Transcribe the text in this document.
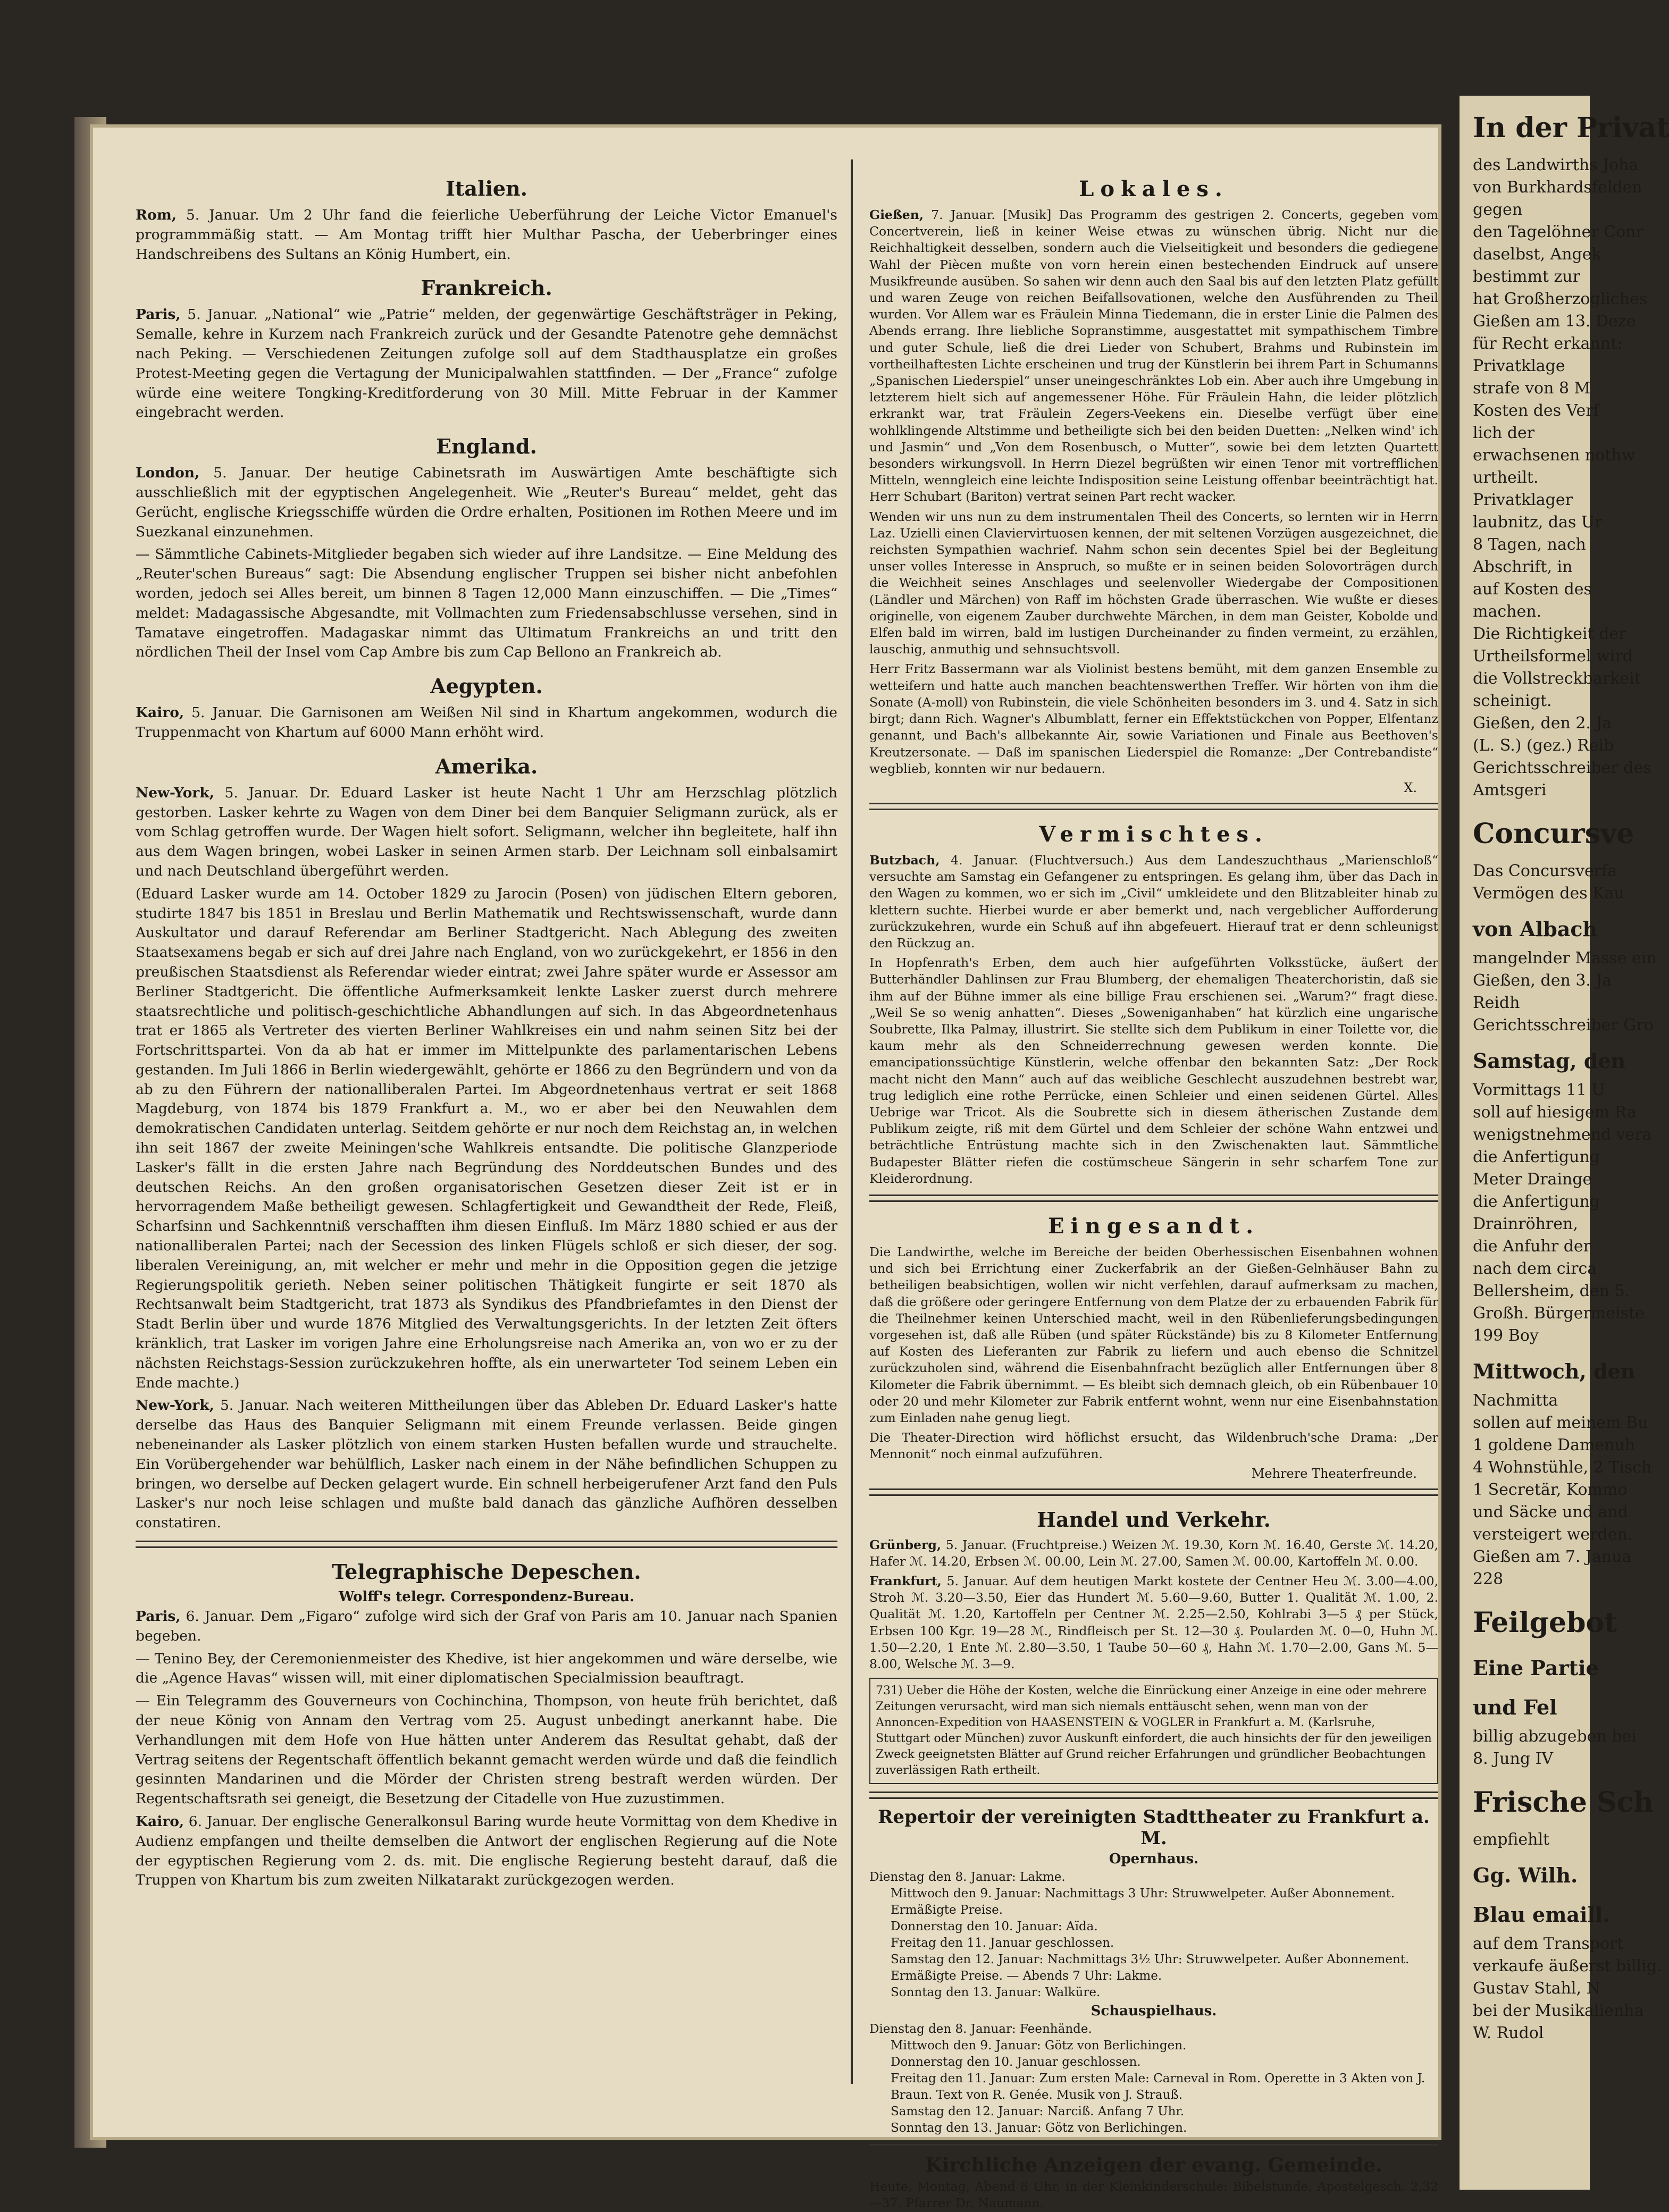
Italien.

Rom, 5. Januar. Um 2 Uhr fand die feierliche Ueberführung der Leiche Victor Emanuel's programmmäßig statt. — Am Montag trifft hier Multhar Pascha, der Ueberbringer eines Handschreibens des Sultans an König Humbert, ein.

Frankreich.

Paris, 5. Januar. „National“ wie „Patrie“ melden, der gegenwärtige Geschäftsträger in Peking, Semalle, kehre in Kurzem nach Frankreich zurück und der Gesandte Patenotre gehe demnächst nach Peking. — Verschiedenen Zeitungen zufolge soll auf dem Stadthausplatze ein großes Protest-Meeting gegen die Vertagung der Municipalwahlen stattfinden. — Der „France“ zufolge würde eine weitere Tongking-Kreditforderung von 30 Mill. Mitte Februar in der Kammer eingebracht werden.

England.

London, 5. Januar. Der heutige Cabinetsrath im Auswärtigen Amte beschäftigte sich ausschließlich mit der egyptischen Angelegenheit. Wie „Reuter's Bureau“ meldet, geht das Gerücht, englische Kriegsschiffe würden die Ordre erhalten, Positionen im Rothen Meere und im Suezkanal einzunehmen.

— Sämmtliche Cabinets-Mitglieder begaben sich wieder auf ihre Landsitze. — Eine Meldung des „Reuter'schen Bureaus“ sagt: Die Absendung englischer Truppen sei bisher nicht anbefohlen worden, jedoch sei Alles bereit, um binnen 8 Tagen 12,000 Mann einzuschiffen. — Die „Times“ meldet: Madagassische Abgesandte, mit Vollmachten zum Friedensabschlusse versehen, sind in Tamatave eingetroffen. Madagaskar nimmt das Ultimatum Frankreichs an und tritt den nördlichen Theil der Insel vom Cap Ambre bis zum Cap Bellono an Frankreich ab.

Aegypten.

Kairo, 5. Januar. Die Garnisonen am Weißen Nil sind in Khartum angekommen, wodurch die Truppenmacht von Khartum auf 6000 Mann erhöht wird.

Amerika.

New-York, 5. Januar. Dr. Eduard Lasker ist heute Nacht 1 Uhr am Herzschlag plötzlich gestorben. Lasker kehrte zu Wagen von dem Diner bei dem Banquier Seligmann zurück, als er vom Schlag getroffen wurde. Der Wagen hielt sofort. Seligmann, welcher ihn begleitete, half ihn aus dem Wagen bringen, wobei Lasker in seinen Armen starb. Der Leichnam soll einbalsamirt und nach Deutschland übergeführt werden.

(Eduard Lasker wurde am 14. October 1829 zu Jarocin (Posen) von jüdischen Eltern geboren, studirte 1847 bis 1851 in Breslau und Berlin Mathematik und Rechtswissenschaft, wurde dann Auskultator und darauf Referendar am Berliner Stadtgericht. Nach Ablegung des zweiten Staatsexamens begab er sich auf drei Jahre nach England, von wo zurückgekehrt, er 1856 in den preußischen Staatsdienst als Referendar wieder eintrat; zwei Jahre später wurde er Assessor am Berliner Stadtgericht. Die öffentliche Aufmerksamkeit lenkte Lasker zuerst durch mehrere staatsrechtliche und politisch-geschichtliche Abhandlungen auf sich. In das Abgeordnetenhaus trat er 1865 als Vertreter des vierten Berliner Wahlkreises ein und nahm seinen Sitz bei der Fortschrittspartei. Von da ab hat er immer im Mittelpunkte des parlamentarischen Lebens gestanden. Im Juli 1866 in Berlin wiedergewählt, gehörte er 1866 zu den Begründern und von da ab zu den Führern der nationalliberalen Partei. Im Abgeordnetenhaus vertrat er seit 1868 Magdeburg, von 1874 bis 1879 Frankfurt a. M., wo er aber bei den Neuwahlen dem demokratischen Candidaten unterlag. Seitdem gehörte er nur noch dem Reichstag an, in welchen ihn seit 1867 der zweite Meiningen'sche Wahlkreis entsandte. Die politische Glanzperiode Lasker's fällt in die ersten Jahre nach Begründung des Norddeutschen Bundes und des deutschen Reichs. An den großen organisatorischen Gesetzen dieser Zeit ist er in hervorragendem Maße betheiligt gewesen. Schlagfertigkeit und Gewandtheit der Rede, Fleiß, Scharfsinn und Sachkenntniß verschafften ihm diesen Einfluß. Im März 1880 schied er aus der nationalliberalen Partei; nach der Secession des linken Flügels schloß er sich dieser, der sog. liberalen Vereinigung, an, mit welcher er mehr und mehr in die Opposition gegen die jetzige Regierungspolitik gerieth. Neben seiner politischen Thätigkeit fungirte er seit 1870 als Rechtsanwalt beim Stadtgericht, trat 1873 als Syndikus des Pfandbriefamtes in den Dienst der Stadt Berlin über und wurde 1876 Mitglied des Verwaltungsgerichts. In der letzten Zeit öfters kränklich, trat Lasker im vorigen Jahre eine Erholungsreise nach Amerika an, von wo er zu der nächsten Reichstags-Session zurückzukehren hoffte, als ein unerwarteter Tod seinem Leben ein Ende machte.)

New-York, 5. Januar. Nach weiteren Mittheilungen über das Ableben Dr. Eduard Lasker's hatte derselbe das Haus des Banquier Seligmann mit einem Freunde verlassen. Beide gingen nebeneinander als Lasker plötzlich von einem starken Husten befallen wurde und strauchelte. Ein Vorübergehender war behülflich, Lasker nach einem in der Nähe befindlichen Schuppen zu bringen, wo derselbe auf Decken gelagert wurde. Ein schnell herbeigerufener Arzt fand den Puls Lasker's nur noch leise schlagen und mußte bald danach das gänzliche Aufhören desselben constatiren.

Telegraphische Depeschen.
Wolff's telegr. Correspondenz-Bureau.

Paris, 6. Januar. Dem „Figaro“ zufolge wird sich der Graf von Paris am 10. Januar nach Spanien begeben.

— Tenino Bey, der Ceremonienmeister des Khedive, ist hier angekommen und wäre derselbe, wie die „Agence Havas“ wissen will, mit einer diplomatischen Specialmission beauftragt.

— Ein Telegramm des Gouverneurs von Cochinchina, Thompson, von heute früh berichtet, daß der neue König von Annam den Vertrag vom 25. August unbedingt anerkannt habe. Die Verhandlungen mit dem Hofe von Hue hätten unter Anderem das Resultat gehabt, daß der Vertrag seitens der Regentschaft öffentlich bekannt gemacht werden würde und daß die feindlich gesinnten Mandarinen und die Mörder der Christen streng bestraft werden würden. Der Regentschaftsrath sei geneigt, die Besetzung der Citadelle von Hue zuzustimmen.

Kairo, 6. Januar. Der englische Generalkonsul Baring wurde heute Vormittag von dem Khedive in Audienz empfangen und theilte demselben die Antwort der englischen Regierung auf die Note der egyptischen Regierung vom 2. ds. mit. Die englische Regierung besteht darauf, daß die Truppen von Khartum bis zum zweiten Nilkatarakt zurückgezogen werden.

Lokales.

Gießen, 7. Januar. [Musik] Das Programm des gestrigen 2. Concerts, gegeben vom Concertverein, ließ in keiner Weise etwas zu wünschen übrig. Nicht nur die Reichhaltigkeit desselben, sondern auch die Vielseitigkeit und besonders die gediegene Wahl der Piècen mußte von vorn herein einen bestechenden Eindruck auf unsere Musikfreunde ausüben. So sahen wir denn auch den Saal bis auf den letzten Platz gefüllt und waren Zeuge von reichen Beifallsovationen, welche den Ausführenden zu Theil wurden. Vor Allem war es Fräulein Minna Tiedemann, die in erster Linie die Palmen des Abends errang. Ihre liebliche Sopranstimme, ausgestattet mit sympathischem Timbre und guter Schule, ließ die drei Lieder von Schubert, Brahms und Rubinstein im vortheilhaftesten Lichte erscheinen und trug der Künstlerin bei ihrem Part in Schumanns „Spanischen Liederspiel“ unser uneingeschränktes Lob ein. Aber auch ihre Umgebung in letzterem hielt sich auf angemessener Höhe. Für Fräulein Hahn, die leider plötzlich erkrankt war, trat Fräulein Zegers-Veekens ein. Dieselbe verfügt über eine wohlklingende Altstimme und betheiligte sich bei den beiden Duetten: „Nelken wind' ich und Jasmin“ und „Von dem Rosenbusch, o Mutter“, sowie bei dem letzten Quartett besonders wirkungsvoll. In Herrn Diezel begrüßten wir einen Tenor mit vortrefflichen Mitteln, wenngleich eine leichte Indisposition seine Leistung offenbar beeinträchtigt hat. Herr Schubart (Bariton) vertrat seinen Part recht wacker.

Wenden wir uns nun zu dem instrumentalen Theil des Concerts, so lernten wir in Herrn Laz. Uzielli einen Claviervirtuosen kennen, der mit seltenen Vorzügen ausgezeichnet, die reichsten Sympathien wachrief. Nahm schon sein decentes Spiel bei der Begleitung unser volles Interesse in Anspruch, so mußte er in seinen beiden Solovorträgen durch die Weichheit seines Anschlages und seelenvoller Wiedergabe der Compositionen (Ländler und Märchen) von Raff im höchsten Grade überraschen. Wie wußte er dieses originelle, von eigenem Zauber durchwehte Märchen, in dem man Geister, Kobolde und Elfen bald im wirren, bald im lustigen Durcheinander zu finden vermeint, zu erzählen, lauschig, anmuthig und sehnsuchtsvoll.

Herr Fritz Bassermann war als Violinist bestens bemüht, mit dem ganzen Ensemble zu wetteifern und hatte auch manchen beachtenswerthen Treffer. Wir hörten von ihm die Sonate (A-moll) von Rubinstein, die viele Schönheiten besonders im 3. und 4. Satz in sich birgt; dann Rich. Wagner's Albumblatt, ferner ein Effektstückchen von Popper, Elfentanz genannt, und Bach's allbekannte Air, sowie Variationen und Finale aus Beethoven's Kreutzersonate. — Daß im spanischen Liederspiel die Romanze: „Der Contrebandiste“ wegblieb, konnten wir nur bedauern.

X.

Vermischtes.

Butzbach, 4. Januar. (Fluchtversuch.) Aus dem Landeszuchthaus „Marienschloß“ versuchte am Samstag ein Gefangener zu entspringen. Es gelang ihm, über das Dach in den Wagen zu kommen, wo er sich im „Civil“ umkleidete und den Blitzableiter hinab zu klettern suchte. Hierbei wurde er aber bemerkt und, nach vergeblicher Aufforderung zurückzukehren, wurde ein Schuß auf ihn abgefeuert. Hierauf trat er denn schleunigst den Rückzug an.

In Hopfenrath's Erben, dem auch hier aufgeführten Volksstücke, äußert der Butterhändler Dahlinsen zur Frau Blumberg, der ehemaligen Theaterchoristin, daß sie ihm auf der Bühne immer als eine billige Frau erschienen sei. „Warum?“ fragt diese. „Weil Se so wenig anhatten“. Dieses „Soweniganhaben“ hat kürzlich eine ungarische Soubrette, Ilka Palmay, illustrirt. Sie stellte sich dem Publikum in einer Toilette vor, die kaum mehr als den Schneiderrechnung gewesen werden konnte. Die emancipationssüchtige Künstlerin, welche offenbar den bekannten Satz: „Der Rock macht nicht den Mann“ auch auf das weibliche Geschlecht auszudehnen bestrebt war, trug lediglich eine rothe Perrücke, einen Schleier und einen seidenen Gürtel. Alles Uebrige war Tricot. Als die Soubrette sich in diesem ätherischen Zustande dem Publikum zeigte, riß mit dem Gürtel und dem Schleier der schöne Wahn entzwei und beträchtliche Entrüstung machte sich in den Zwischenakten laut. Sämmtliche Budapester Blätter riefen die costümscheue Sängerin in sehr scharfem Tone zur Kleiderordnung.

Eingesandt.

Die Landwirthe, welche im Bereiche der beiden Oberhessischen Eisenbahnen wohnen und sich bei Errichtung einer Zuckerfabrik an der Gießen-Gelnhäuser Bahn zu betheiligen beabsichtigen, wollen wir nicht verfehlen, darauf aufmerksam zu machen, daß die größere oder geringere Entfernung von dem Platze der zu erbauenden Fabrik für die Theilnehmer keinen Unterschied macht, weil in den Rübenlieferungsbedingungen vorgesehen ist, daß alle Rüben (und später Rückstände) bis zu 8 Kilometer Entfernung auf Kosten des Lieferanten zur Fabrik zu liefern und auch ebenso die Schnitzel zurückzuholen sind, während die Eisenbahnfracht bezüglich aller Entfernungen über 8 Kilometer die Fabrik übernimmt. — Es bleibt sich demnach gleich, ob ein Rübenbauer 10 oder 20 und mehr Kilometer zur Fabrik entfernt wohnt, wenn nur eine Eisenbahnstation zum Einladen nahe genug liegt.

Die Theater-Direction wird höflichst ersucht, das Wildenbruch'sche Drama: „Der Mennonit“ noch einmal aufzuführen.

Mehrere Theaterfreunde.

Handel und Verkehr.

Grünberg, 5. Januar. (Fruchtpreise.) Weizen ℳ. 19.30, Korn ℳ. 16.40, Gerste ℳ. 14.20, Hafer ℳ. 14.20, Erbsen ℳ. 00.00, Lein ℳ. 27.00, Samen ℳ. 00.00, Kartoffeln ℳ. 0.00.

Frankfurt, 5. Januar. Auf dem heutigen Markt kostete der Centner Heu ℳ. 3.00—4.00, Stroh ℳ. 3.20—3.50, Eier das Hundert ℳ. 5.60—9.60, Butter 1. Qualität ℳ. 1.00, 2. Qualität ℳ. 1.20, Kartoffeln per Centner ℳ. 2.25—2.50, Kohlrabi 3—5 ₰ per Stück, Erbsen 100 Kgr. 19—28 ℳ., Rindfleisch per St. 12—30 ₰. Poularden ℳ. 0—0, Huhn ℳ. 1.50—2.20, 1 Ente ℳ. 2.80—3.50, 1 Taube 50—60 ₰, Hahn ℳ. 1.70—2.00, Gans ℳ. 5—8.00, Welsche ℳ. 3—9.

731) Ueber die Höhe der Kosten, welche die Einrückung einer Anzeige in eine oder mehrere Zeitungen verursacht, wird man sich niemals enttäuscht sehen, wenn man von der Annoncen-Expedition von HAASENSTEIN & VOGLER in Frankfurt a. M. (Karlsruhe, Stuttgart oder München) zuvor Auskunft einfordert, die auch hinsichts der für den jeweiligen Zweck geeignetsten Blätter auf Grund reicher Erfahrungen und gründlicher Beobachtungen zuverlässigen Rath ertheilt.
Repertoir der vereinigten Stadttheater zu Frankfurt a. M.
Opernhaus.

Dienstag den 8. Januar: Lakme.

Mittwoch den 9. Januar: Nachmittags 3 Uhr: Struwwelpeter. Außer Abonnement. Ermäßigte Preise.

Donnerstag den 10. Januar: Aïda.

Freitag den 11. Januar geschlossen.

Samstag den 12. Januar: Nachmittags 3½ Uhr: Struwwelpeter. Außer Abonnement. Ermäßigte Preise. — Abends 7 Uhr: Lakme.

Sonntag den 13. Januar: Walküre.

Schauspielhaus.

Dienstag den 8. Januar: Feenhände.

Mittwoch den 9. Januar: Götz von Berlichingen.

Donnerstag den 10. Januar geschlossen.

Freitag den 11. Januar: Zum ersten Male: Carneval in Rom. Operette in 3 Akten von J. Braun. Text von R. Genée. Musik von J. Strauß.

Samstag den 12. Januar: Narciß. Anfang 7 Uhr.

Sonntag den 13. Januar: Götz von Berlichingen.

Kirchliche Anzeigen der evang. Gemeinde.

Heute, Montag, Abend 8 Uhr, in der Kleinkinderschule: Bibelstunde, Apostelgesch. 2,32—37. Pfarrer Dr. Naumann.

In der Privat
des Landwirths Joha
von Burkhardsfelden
gegen
den Tagelöhner Conr
daselbst, Angek
bestimmt zur
hat Großherzogliches
Gießen am 13. Deze
für Recht erkannt:
Privatklage
strafe von 8 M
Kosten des Verf
lich der
erwachsenen nothw
urtheilt.
Privatklager
laubnitz, das Ur
8 Tagen, nach
Abschrift, in
auf Kosten des
machen.
Die Richtigkeit der
Urtheilsformel wird
die Vollstreckbarkeit
scheinigt.
Gießen, den 2. Ja
(L. S.) (gez.) Reib
Gerichtsschreiber des
Amtsgeri
Concursve
Das Concursverfa
Vermögen des Kau
von Albach
mangelnder Masse ein
Gießen, den 3. Ja
Reidh
Gerichtsschreiber Gro
Samstag, den
Vormittags 11 U
soll auf hiesigem Ra
wenigstnehmend vera
die Anfertigung
Meter Drainge
die Anfertigung
Drainröhren,
die Anfuhr der
nach dem circa
Bellersheim, den 5.
Großh. Bürgermeiste
199 Boy
Mittwoch, den
Nachmitta
sollen auf meinem Bu
1 goldene Damenuh
4 Wohnstühle, 2 Tisch
1 Secretär, Kommo
und Säcke und and
versteigert werden.
Gießen am 7. Janua
228
Feilgebot
Eine Partie
und Fel
billig abzugeben bei
8. Jung IV
Frische Sch
empfiehlt
Gg. Wilh.
Blau emaill.
auf dem Transport
verkaufe äußerst billig.
Gustav Stahl, N
bei der Musikalienha
W. Rudol
